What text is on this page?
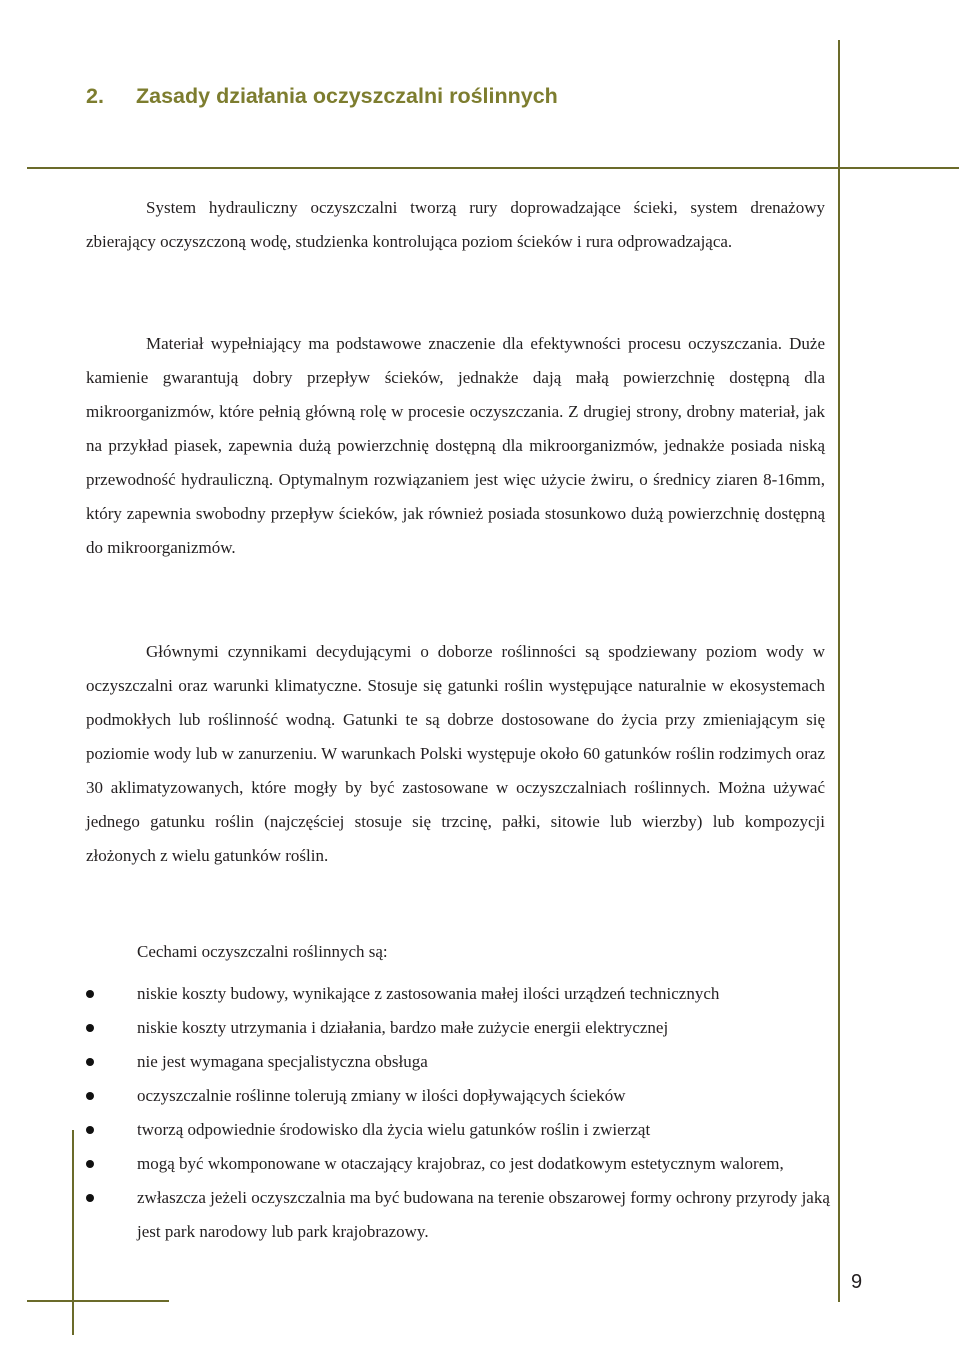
2. Zasady działania oczyszczalni roślinnych

System hydrauliczny oczyszczalni tworzą rury doprowadzające ścieki, system drenażowy zbierający oczyszczoną wodę, studzienka kontrolująca poziom ścieków i rura odprowadzająca.

Materiał wypełniający ma podstawowe znaczenie dla efektywności procesu oczyszczania. Duże kamienie gwarantują dobry przepływ ścieków, jednakże dają małą powierzchnię dostępną dla mikroorganizmów, które pełnią główną rolę w procesie oczyszczania. Z drugiej strony, drobny materiał, jak na przykład piasek, zapewnia dużą powierzchnię dostępną dla mikroorganizmów, jednakże posiada niską przewodność hydrauliczną. Optymalnym rozwiązaniem jest więc użycie żwiru, o średnicy ziaren 8-16mm, który zapewnia swobodny przepływ ścieków, jak również posiada stosunkowo dużą powierzchnię dostępną do mikroorganizmów.

Głównymi czynnikami decydującymi o doborze roślinności są spodziewany poziom wody w oczyszczalni oraz warunki klimatyczne. Stosuje się gatunki roślin występujące naturalnie w ekosystemach podmokłych lub roślinność wodną. Gatunki te są dobrze dostosowane do życia przy zmieniającym się poziomie wody lub w zanurzeniu. W warunkach Polski występuje około 60 gatunków roślin rodzimych oraz 30 aklimatyzowanych, które mogły by być zastosowane w oczyszczalniach roślinnych. Można używać jednego gatunku roślin (najczęściej stosuje się trzcinę, pałki, sitowie lub wierzby) lub kompozycji złożonych z wielu gatunków roślin.

Cechami oczyszczalni roślinnych są:

niskie koszty budowy, wynikające z zastosowania małej ilości urządzeń technicznych
niskie koszty utrzymania i działania, bardzo małe zużycie energii elektrycznej
nie jest wymagana specjalistyczna obsługa
oczyszczalnie roślinne tolerują zmiany w ilości dopływających ścieków
tworzą odpowiednie środowisko dla życia wielu gatunków roślin i zwierząt
mogą być wkomponowane w otaczający krajobraz, co jest dodatkowym estetycznym walorem,
zwłaszcza jeżeli oczyszczalnia ma być budowana na terenie obszarowej formy ochrony przyrody jaką jest park narodowy lub park krajobrazowy.
9
